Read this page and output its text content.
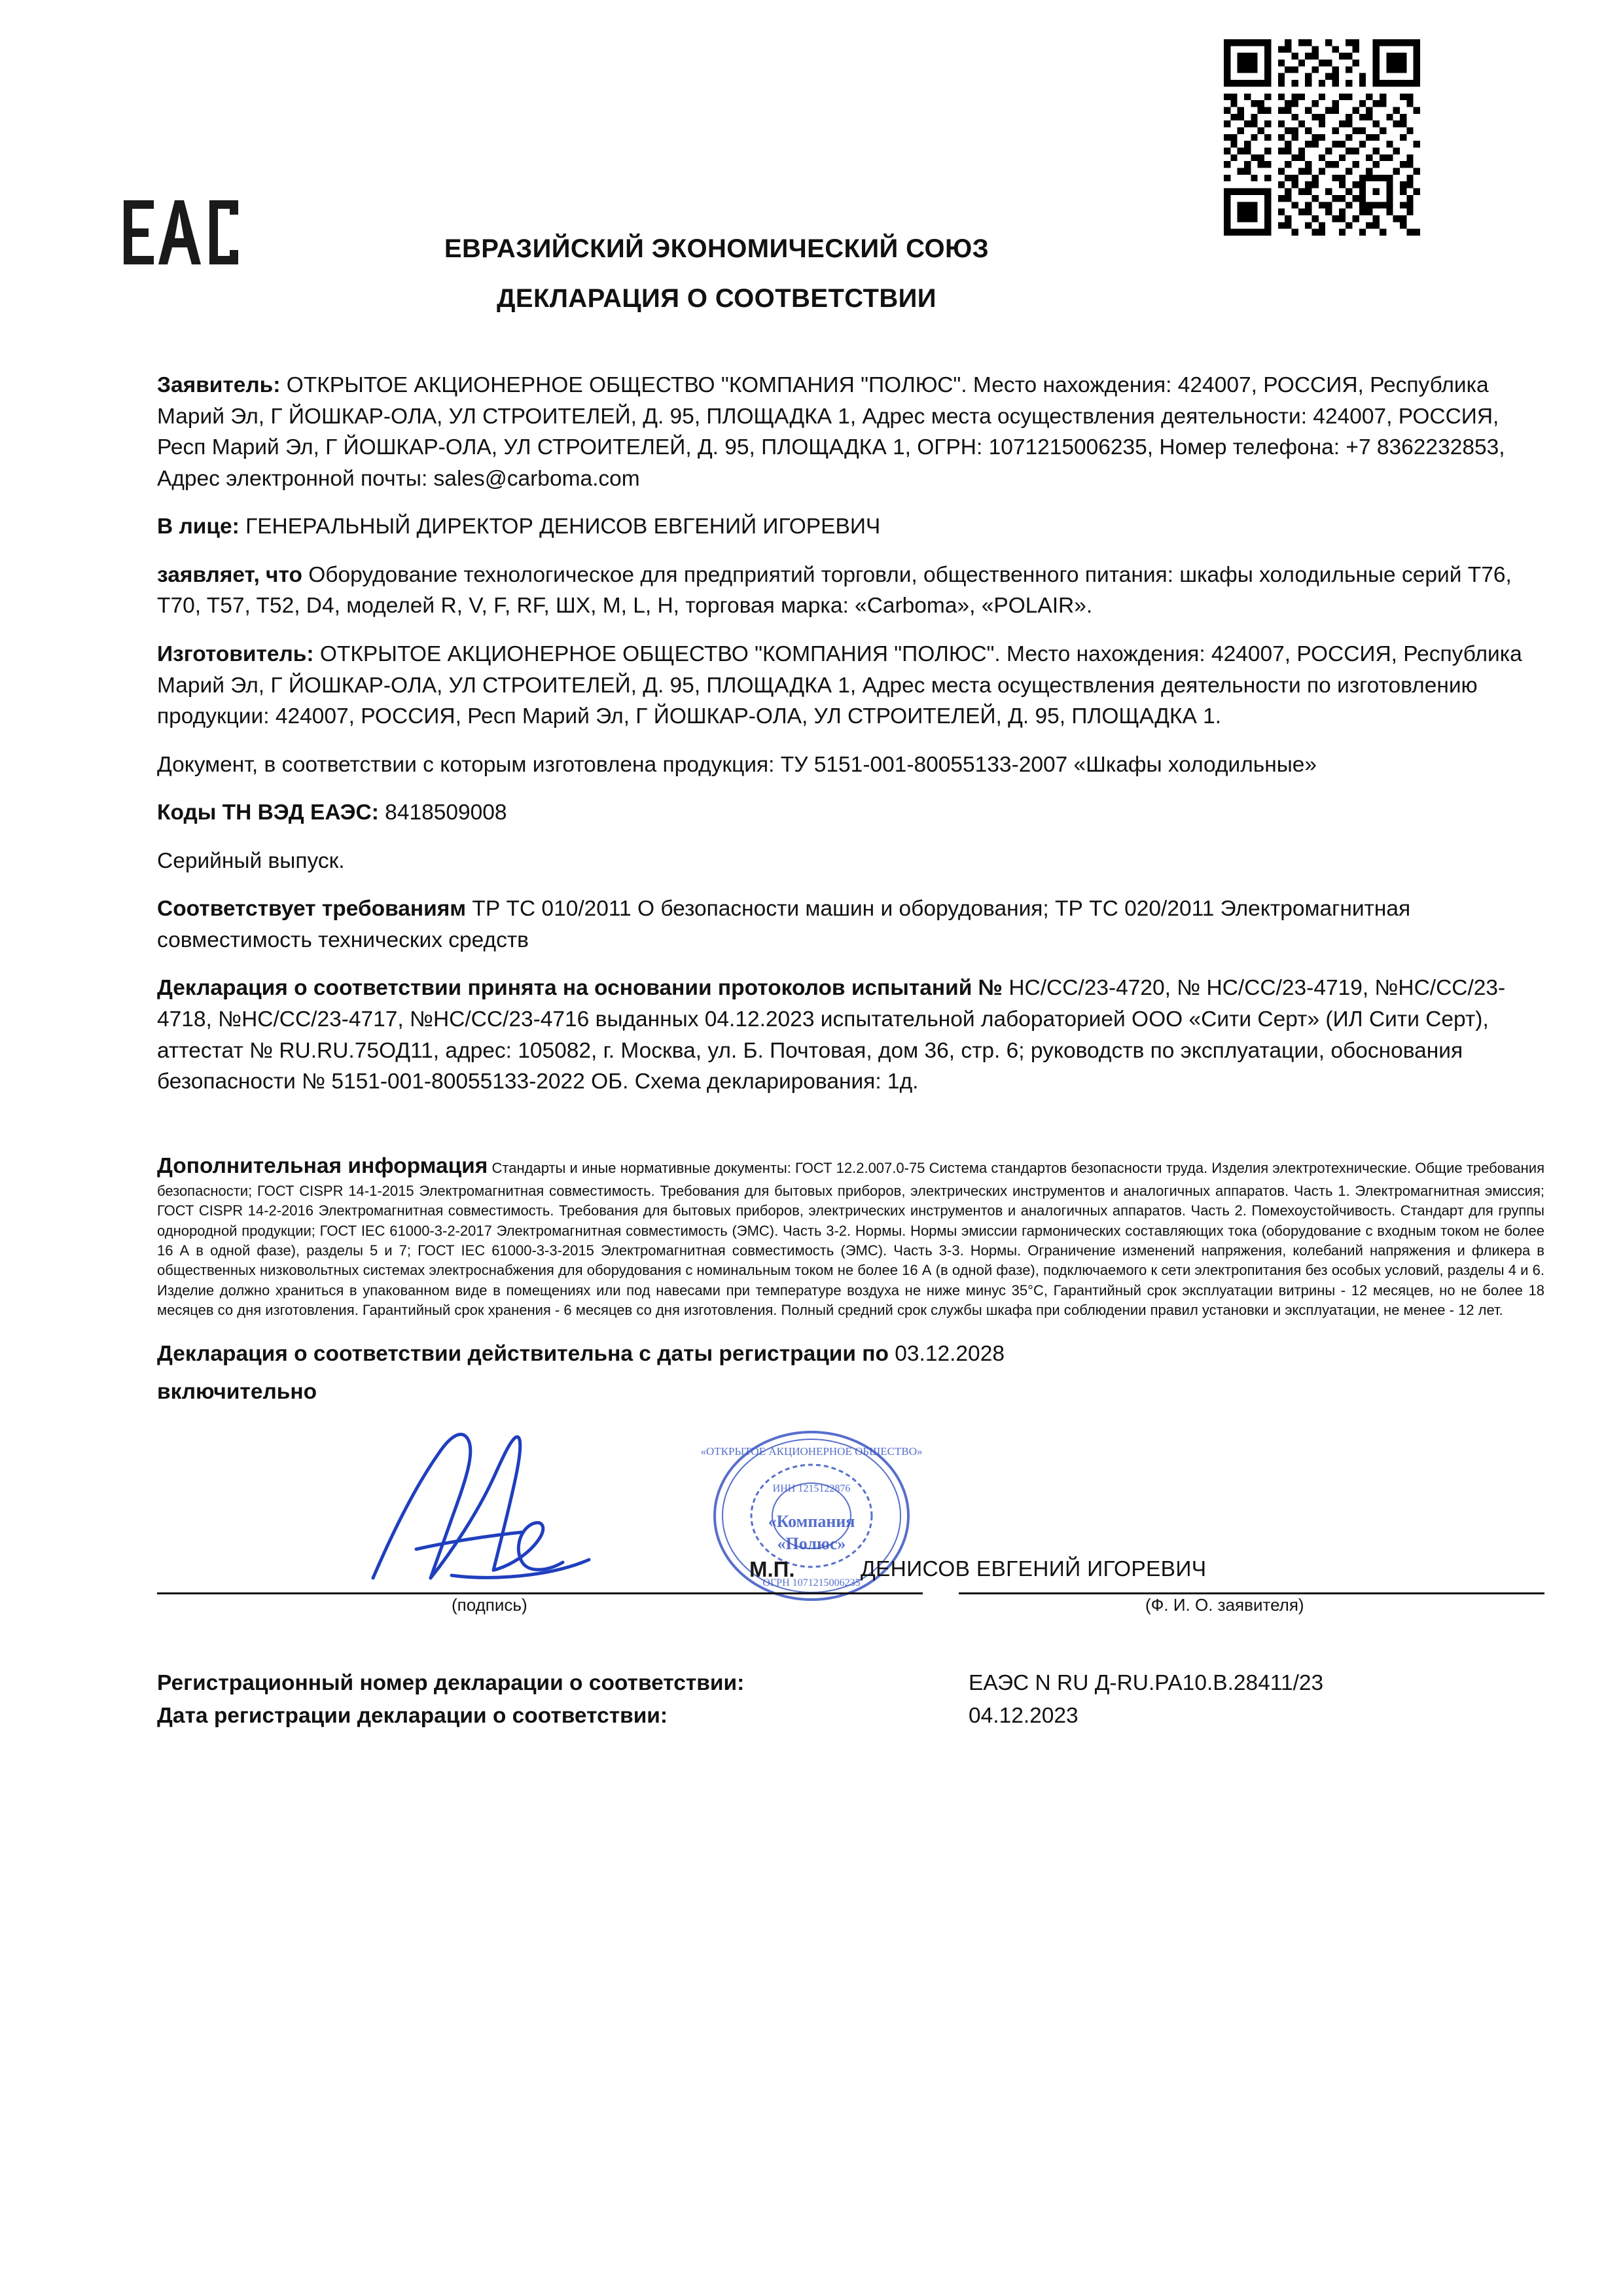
ЕВРАЗИЙСКИЙ ЭКОНОМИЧЕСКИЙ СОЮЗ
ДЕКЛАРАЦИЯ О СООТВЕТСТВИИ

Заявитель: ОТКРЫТОЕ АКЦИОНЕРНОЕ ОБЩЕСТВО "КОМПАНИЯ "ПОЛЮС". Место нахождения: 424007, РОССИЯ, Республика Марий Эл, Г ЙОШКАР-ОЛА, УЛ СТРОИТЕЛЕЙ, Д. 95, ПЛОЩАДКА 1, Адрес места осуществления деятельности: 424007, РОССИЯ, Респ Марий Эл, Г ЙОШКАР-ОЛА, УЛ СТРОИТЕЛЕЙ, Д. 95, ПЛОЩАДКА 1, ОГРН: 1071215006235, Номер телефона: +7 8362232853, Адрес электронной почты: sales@carboma.com

В лице: ГЕНЕРАЛЬНЫЙ ДИРЕКТОР ДЕНИСОВ ЕВГЕНИЙ ИГОРЕВИЧ

заявляет, что Оборудование технологическое для предприятий торговли, общественного питания: шкафы холодильные серий T76, T70, T57, T52, D4, моделей R, V, F, RF, ШХ, M, L, H, торговая марка: «Carboma», «POLAIR».

Изготовитель: ОТКРЫТОЕ АКЦИОНЕРНОЕ ОБЩЕСТВО "КОМПАНИЯ "ПОЛЮС". Место нахождения: 424007, РОССИЯ, Республика Марий Эл, Г ЙОШКАР-ОЛА, УЛ СТРОИТЕЛЕЙ, Д. 95, ПЛОЩАДКА 1, Адрес места осуществления деятельности по изготовлению продукции: 424007, РОССИЯ, Респ Марий Эл, Г ЙОШКАР-ОЛА, УЛ СТРОИТЕЛЕЙ, Д. 95, ПЛОЩАДКА 1.

Документ, в соответствии с которым изготовлена продукция: ТУ 5151-001-80055133-2007 «Шкафы холодильные»

Коды ТН ВЭД ЕАЭС: 8418509008

Серийный выпуск.

Соответствует требованиям ТР ТС 010/2011 О безопасности машин и оборудования; ТР ТС 020/2011 Электромагнитная совместимость технических средств

Декларация о соответствии принята на основании протоколов испытаний № НС/СС/23-4720, № НС/СС/23-4719, №НС/СС/23-4718, №НС/СС/23-4717, №НС/СС/23-4716 выданных 04.12.2023 испытательной лабораторией ООО «Сити Серт» (ИЛ Сити Серт), аттестат № RU.RU.75ОД11, адрес: 105082, г. Москва, ул. Б. Почтовая, дом 36, стр. 6; руководств по эксплуатации, обоснования безопасности № 5151-001-80055133-2022 ОБ. Схема декларирования: 1д.

Дополнительная информация Стандарты и иные нормативные документы: ГОСТ 12.2.007.0-75 Система стандартов безопасности труда. Изделия электротехнические. Общие требования безопасности; ГОСТ CISPR 14-1-2015 Электромагнитная совместимость. Требования для бытовых приборов, электрических инструментов и аналогичных аппаратов. Часть 1. Электромагнитная эмиссия; ГОСТ CISPR 14-2-2016 Электромагнитная совместимость. Требования для бытовых приборов, электрических инструментов и аналогичных аппаратов. Часть 2. Помехоустойчивость. Стандарт для группы однородной продукции; ГОСТ IEC 61000-3-2-2017 Электромагнитная совместимость (ЭМС). Часть 3-2. Нормы. Нормы эмиссии гармонических составляющих тока (оборудование с входным током не более 16 А в одной фазе), разделы 5 и 7; ГОСТ IEC 61000-3-3-2015 Электромагнитная совместимость (ЭМС). Часть 3-3. Нормы. Ограничение изменений напряжения, колебаний напряжения и фликера в общественных низковольтных системах электроснабжения для оборудования с номинальным током не более 16 А (в одной фазе), подключаемого к сети электропитания без особых условий, разделы 4 и 6. Изделие должно храниться в упакованном виде в помещениях или под навесами при температуре воздуха не ниже минус 35°С, Гарантийный срок эксплуатации витрины - 12 месяцев, но не более 18 месяцев со дня изготовления. Гарантийный срок хранения - 6 месяцев со дня изготовления. Полный средний срок службы шкафа при соблюдении правил установки и эксплуатации, не менее - 12 лет.

Декларация о соответствии действительна с даты регистрации по 03.12.2028

включительно

«ОТКРЫТОЕ АКЦИОНЕРНОЕ ОБЩЕСТВО»
ИНН 1215122876
«Компания
«Полюс»
ОГРН 1071215006235
М.П.	ДЕНИСОВ ЕВГЕНИЙ ИГОРЕВИЧ
(подпись)	(Ф. И. О. заявителя)
Регистрационный номер декларации о соответствии:	ЕАЭС N RU Д-RU.РА10.В.28411/23
Дата регистрации декларации о соответствии:	04.12.2023
